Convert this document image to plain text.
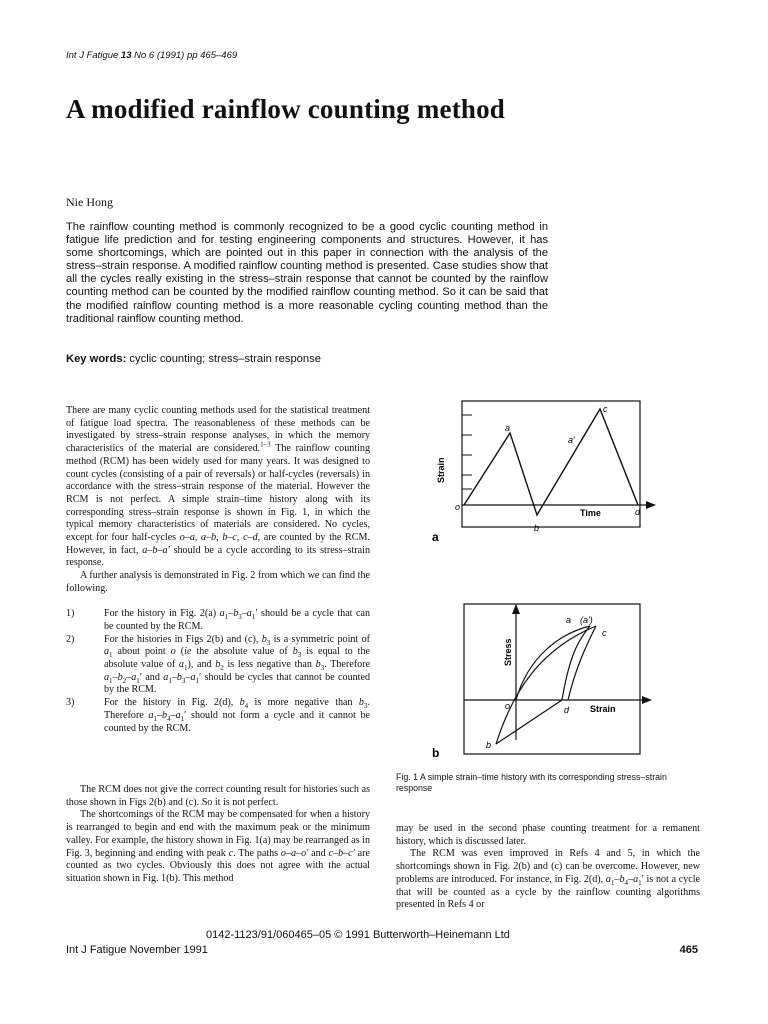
Int J Fatigue 13 No 6 (1991) pp 465–469
A modified rainflow counting method
Nie Hong

The rainflow counting method is commonly recognized to be a good cyclic counting method in fatigue life prediction and for testing engineering components and structures. However, it has some shortcomings, which are pointed out in this paper in connection with the analysis of the stress–strain response. A modified rainflow counting method is presented. Case studies show that all the cycles really existing in the stress–strain response that cannot be counted by the rainflow counting method can be counted by the modified rainflow counting method. So it can be said that the modified rainflow counting method is a more reasonable cycling counting method than the traditional rainflow counting method.

Key words: cyclic counting; stress–strain response

There are many cyclic counting methods used for the statistical treatment of fatigue load spectra. The reasonableness of these methods can be investigated by stress–strain response analyses, in which the memory characteristics of the material are considered.$^{1-3}$ The rainflow counting method (RCM) has been widely used for many years. It was designed to count cycles (consisting of a pair of reversals) or half-cycles (reversals) in accordance with the stress–strain response of the material. However the RCM is not perfect. A simple strain–time history along with its corresponding stress–strain response is shown in Fig. 1, in which the typical memory characteristics of materials are considered. No cycles, except for four half-cycles o–a, a–b, b–c, c–d, are counted by the RCM. However, in fact, a–b–a′ should be a cycle according to its stress–strain response.

A further analysis is demonstrated in Fig. 2 from which we can find the following.

1)	For the history in Fig. 2(a) $a_1-b_3-a_1'$ should be a cycle that can be counted by the RCM.

2)	For the histories in Figs 2(b) and (c), $b_3$ is a symmetric point of $a_1$ about point o (ie the absolute value of $b_3$ is equal to the absolute value of $a_1$), and $b_2$ is less negative than $b_3$. Therefore $a_1-b_2-a_1'$ and $a_1-b_3-a_1'$ should be cycles that cannot be counted by the RCM.

3)	For the history in Fig. 2(d), $b_4$ is more negative than $b_3$. Therefore $a_1-b_4-a_1'$ should not form a cycle and it cannot be counted by the RCM.

The RCM does not give the correct counting result for histories such as those shown in Figs 2(b) and (c). So it is not perfect.

The shortcomings of the RCM may be compensated for when a history is rearranged to begin and end with the maximum peak or the minimum valley. For example, the history shown in Fig. 1(a) may be rearranged as in Fig. 3, beginning and ending with peak c. The paths o–a–o′ and c–b–c′ are counted as two cycles. Obviously this does not agree with the actual situation shown in Fig. 1(b). This method

o
a
b
a′
c
d
Time
Strain
a
Stress
Strain
a (a′)
c
o	d
b
b
Fig. 1 A simple strain–time history with its corresponding stress–strain response

may be used in the second phase counting treatment for a remanent history, which is discussed later.

The RCM was even improved in Refs 4 and 5, in which the shortcomings shown in Fig. 2(b) and (c) can be overcome. However, new problems are introduced. For instance, in Fig. 2(d), $a_1-b_4-a_1'$ is not a cycle that will be counted as a cycle by the rainflow counting algorithms presented in Refs 4 or

0142-1123/91/060465–05 © 1991 Butterworth–Heinemann Ltd
Int J Fatigue November 1991	465
